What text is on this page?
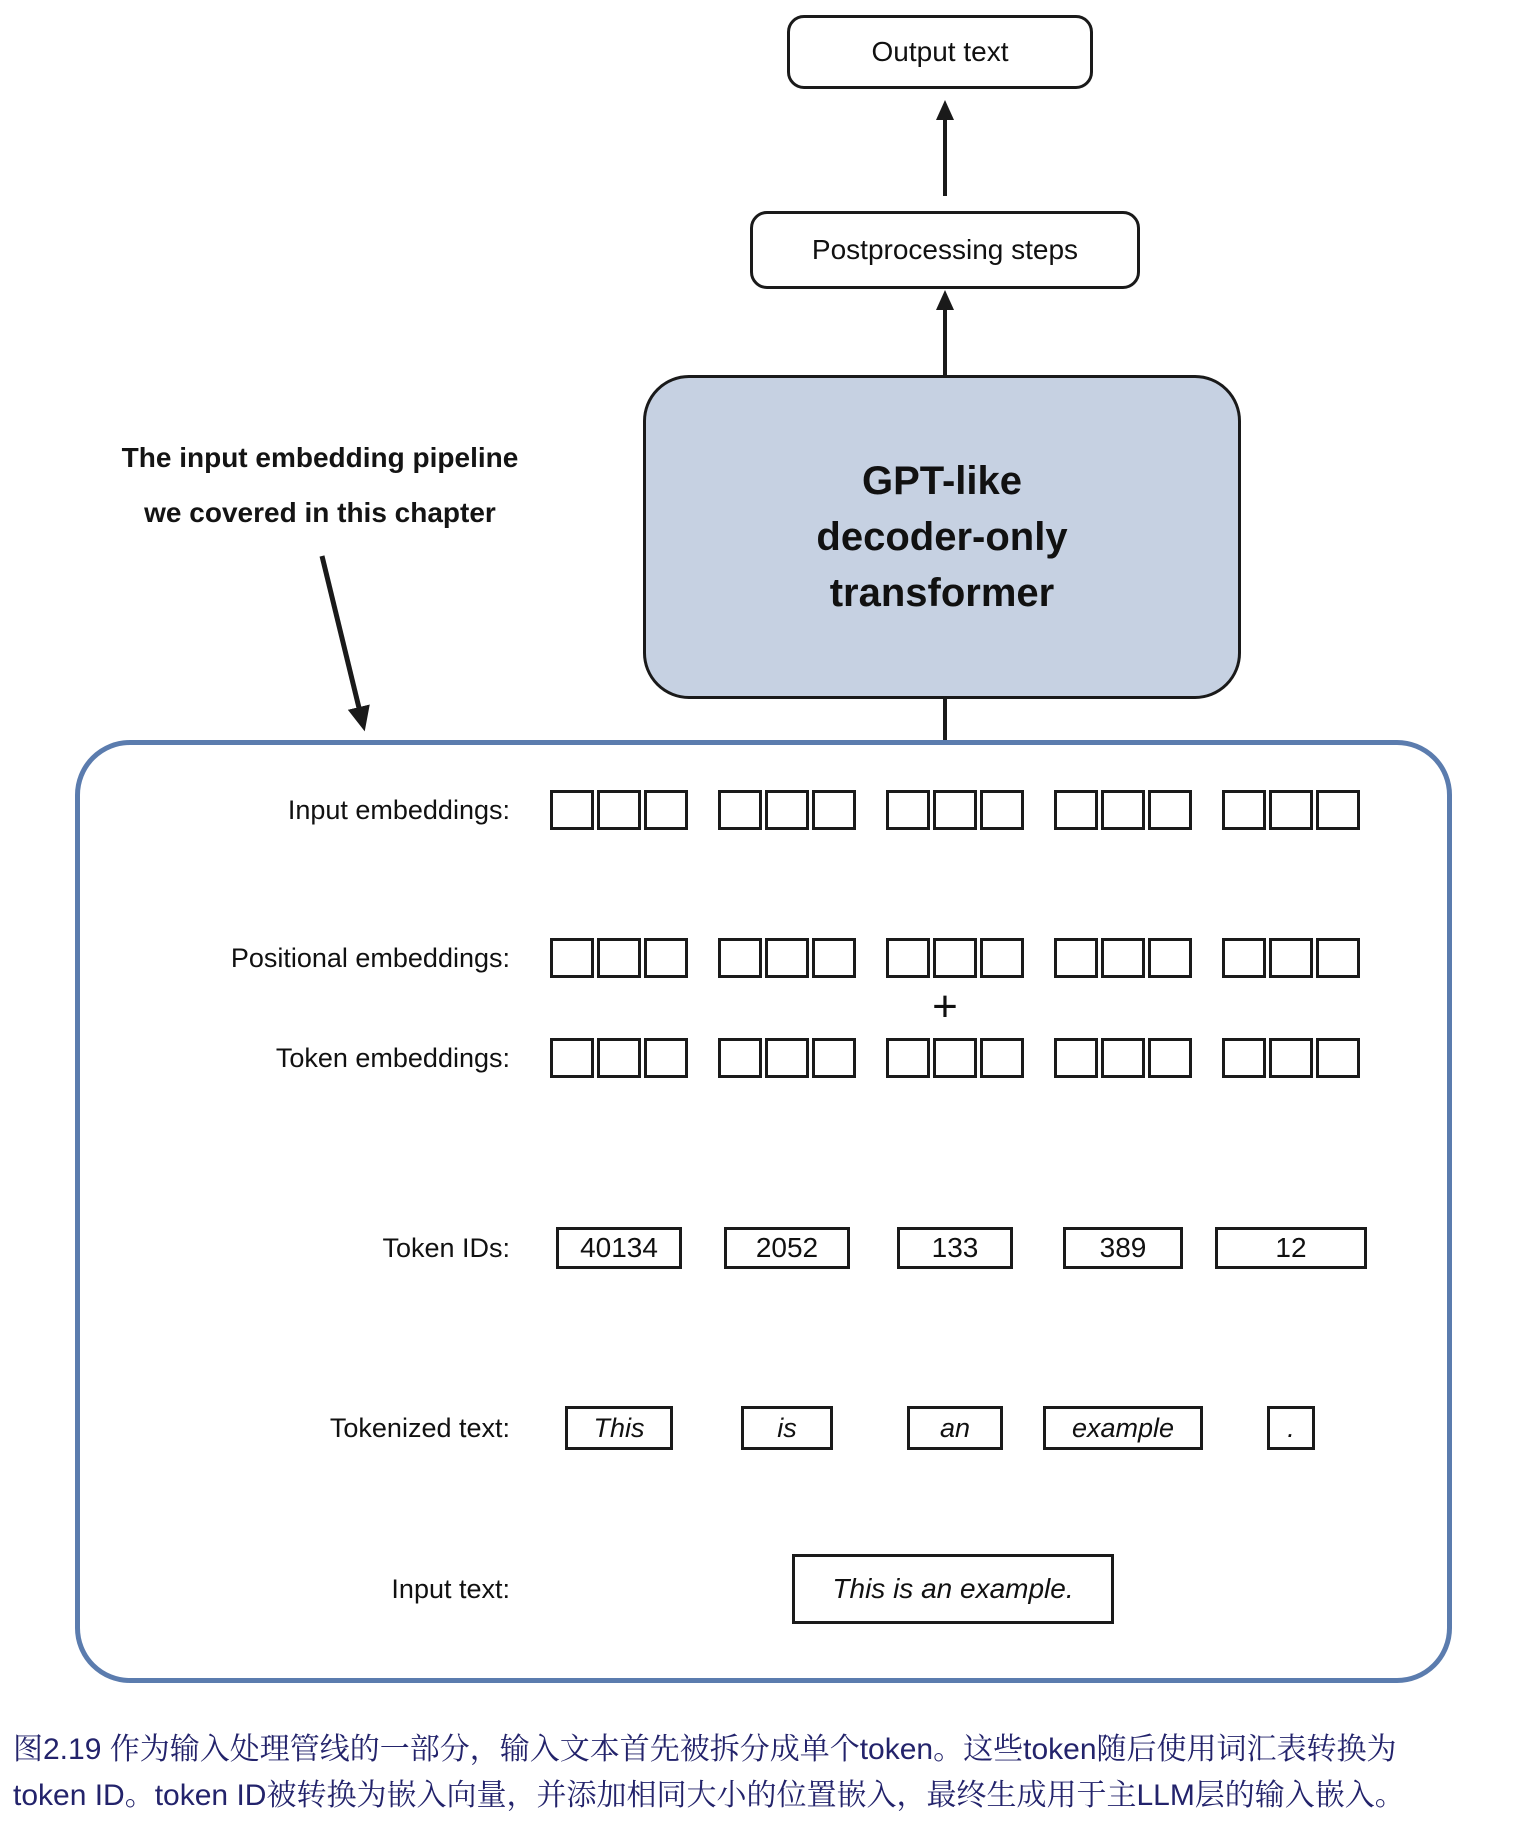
Output text
Postprocessing steps
GPT-like
decoder-only
transformer
The input embedding pipeline
we covered in this chapter
Input embeddings:
Positional embeddings:
Token embeddings:
Token IDs:
Tokenized text:
Input text:
+
40134	2052	133	389	12
This	is	an	example	.
This is an example.
图2.19 作为输入处理管线的一部分，输入文本首先被拆分成单个token。这些token随后使用词汇表转换为
token ID。token ID被转换为嵌入向量，并添加相同大小的位置嵌入，最终生成用于主LLM层的输入嵌入。
